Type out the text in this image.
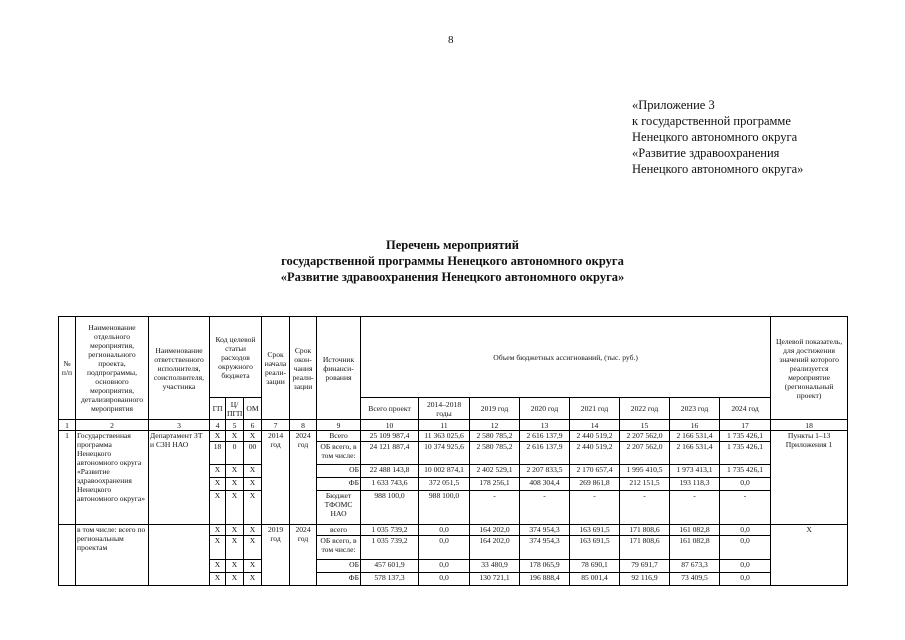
8
«Приложение 3
к государственной программе
Ненецкого автономного округа
«Развитие здравоохранения
Ненецкого автономного округа»
Перечень мероприятий
государственной программы Ненецкого автономного округа
«Развитие здравоохранения Ненецкого автономного округа»
№ п/п	Наименование отдельного мероприятия, регионального проекта, подпрограммы, основного мероприятия, детализированного мероприятия	Наименование ответственного исполнителя, соисполнителя, участника	Код целевой статьи расходов окружного бюджета			Срок начала реали-зации	Срок окон-чания реали-зации	Источник финанси-рования	Объем бюджетных ассигнований, (тыс. руб.)								Целевой показатель, для достижения значений которого реализуется мероприятие (региональный проект)
			ГП	Ц/ ПГП	ОМ				Всего проект	2014–2018 годы	2019 год	2020 год	2021 год	2022 год	2023 год	2024 год	
1	2	3	4	5	6	7	8	9	10	11	12	13	14	15	16	17	18
1	Государственная программа Ненецкого автономного округа «Развитие здравоохранения Ненецкого автономного округа»	Департамент ЗТ и СЗН НАО	Х	Х	Х	2014 год	2024 год	Всего	25 109 987,4	11 363 025,6	2 580 785,2	2 616 137,9	2 440 519,2	2 207 562,0	2 166 531,4	1 735 426,1	Пункты 1–13 Приложения 1
			18	0	00			ОБ всего, в том числе:	24 121 887,4	10 374 925,6	2 580 785,2	2 616 137,9	2 440 519,2	2 207 562,0	2 166 531,4	1 735 426,1	
			Х	Х	Х			ОБ	22 488 143,8	10 002 874,1	2 402 529,1	2 207 833,5	2 170 657,4	1 995 410,5	1 973 413,1	1 735 426,1	
			Х	Х	Х			ФБ	1 633 743,6	372 051,5	178 256,1	408 304,4	269 861,8	212 151,5	193 118,3	0,0	
			Х	Х	Х			Бюджет ТФОМС НАО	988 100,0	988 100,0	-	-	-	-	-	-	
	в том числе: всего по региональным проектам		Х	Х	Х	2019 год	2024 год	всего	1 035 739,2	0,0	164 202,0	374 954,3	163 691,5	171 808,6	161 082,8	0,0	Х
			Х	Х	Х			ОБ всего, в том числе:	1 035 739,2	0,0	164 202,0	374 954,3	163 691,5	171 808,6	161 082,8	0,0	
			Х	Х	Х			ОБ	457 601,9	0,0	33 480,9	178 065,9	78 690,1	79 691,7	87 673,3	0,0	
			Х	Х	Х			ФБ	578 137,3	0,0	130 721,1	196 888,4	85 001,4	92 116,9	73 409,5	0,0	
